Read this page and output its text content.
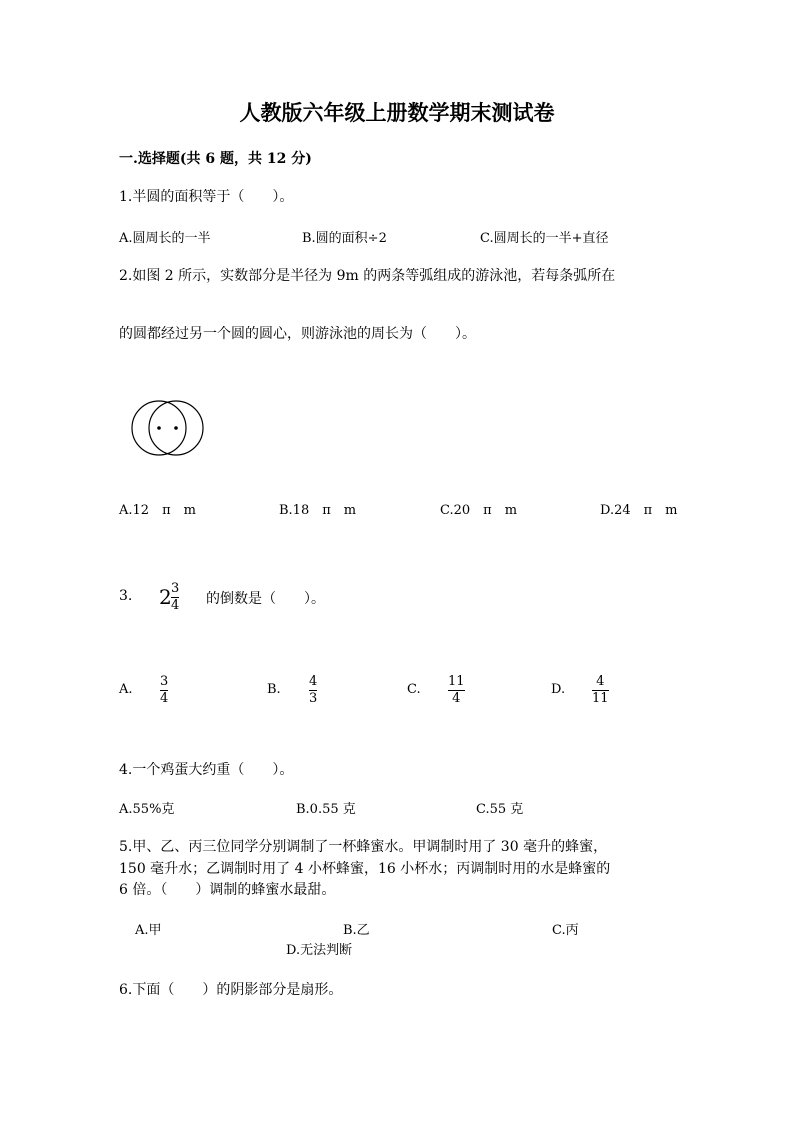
人教版六年级上册数学期末测试卷
一.选择题(共 6 题，共 12 分)
1.半圆的面积等于（　　）。
A.圆周长的一半	B.圆的面积÷2	C.圆周长的一半+直径
2.如图 2 所示，实数部分是半径为 9m 的两条等弧组成的游泳池，若每条弧所在
的圆都经过另一个圆的圆心，则游泳池的周长为（　　）。
A.12　π　m	B.18　π　m	C.20　π　m	D.24　π　m
3. 2 3
4 的倒数是（　　）。
A.
3
4
B.
4
3
C.
11
4
D.
4
11
4.一个鸡蛋大约重（　　）。
A.55%克	B.0.55 克	C.55 克
5.甲、乙、丙三位同学分别调制了一杯蜂蜜水。甲调制时用了 30 毫升的蜂蜜，
150 毫升水；乙调制时用了 4 小杯蜂蜜，16 小杯水；丙调制时用的水是蜂蜜的
6 倍。（　　）调制的蜂蜜水最甜。
A.甲	B.乙	C.丙
D.无法判断
6.下面（　　）的阴影部分是扇形。
